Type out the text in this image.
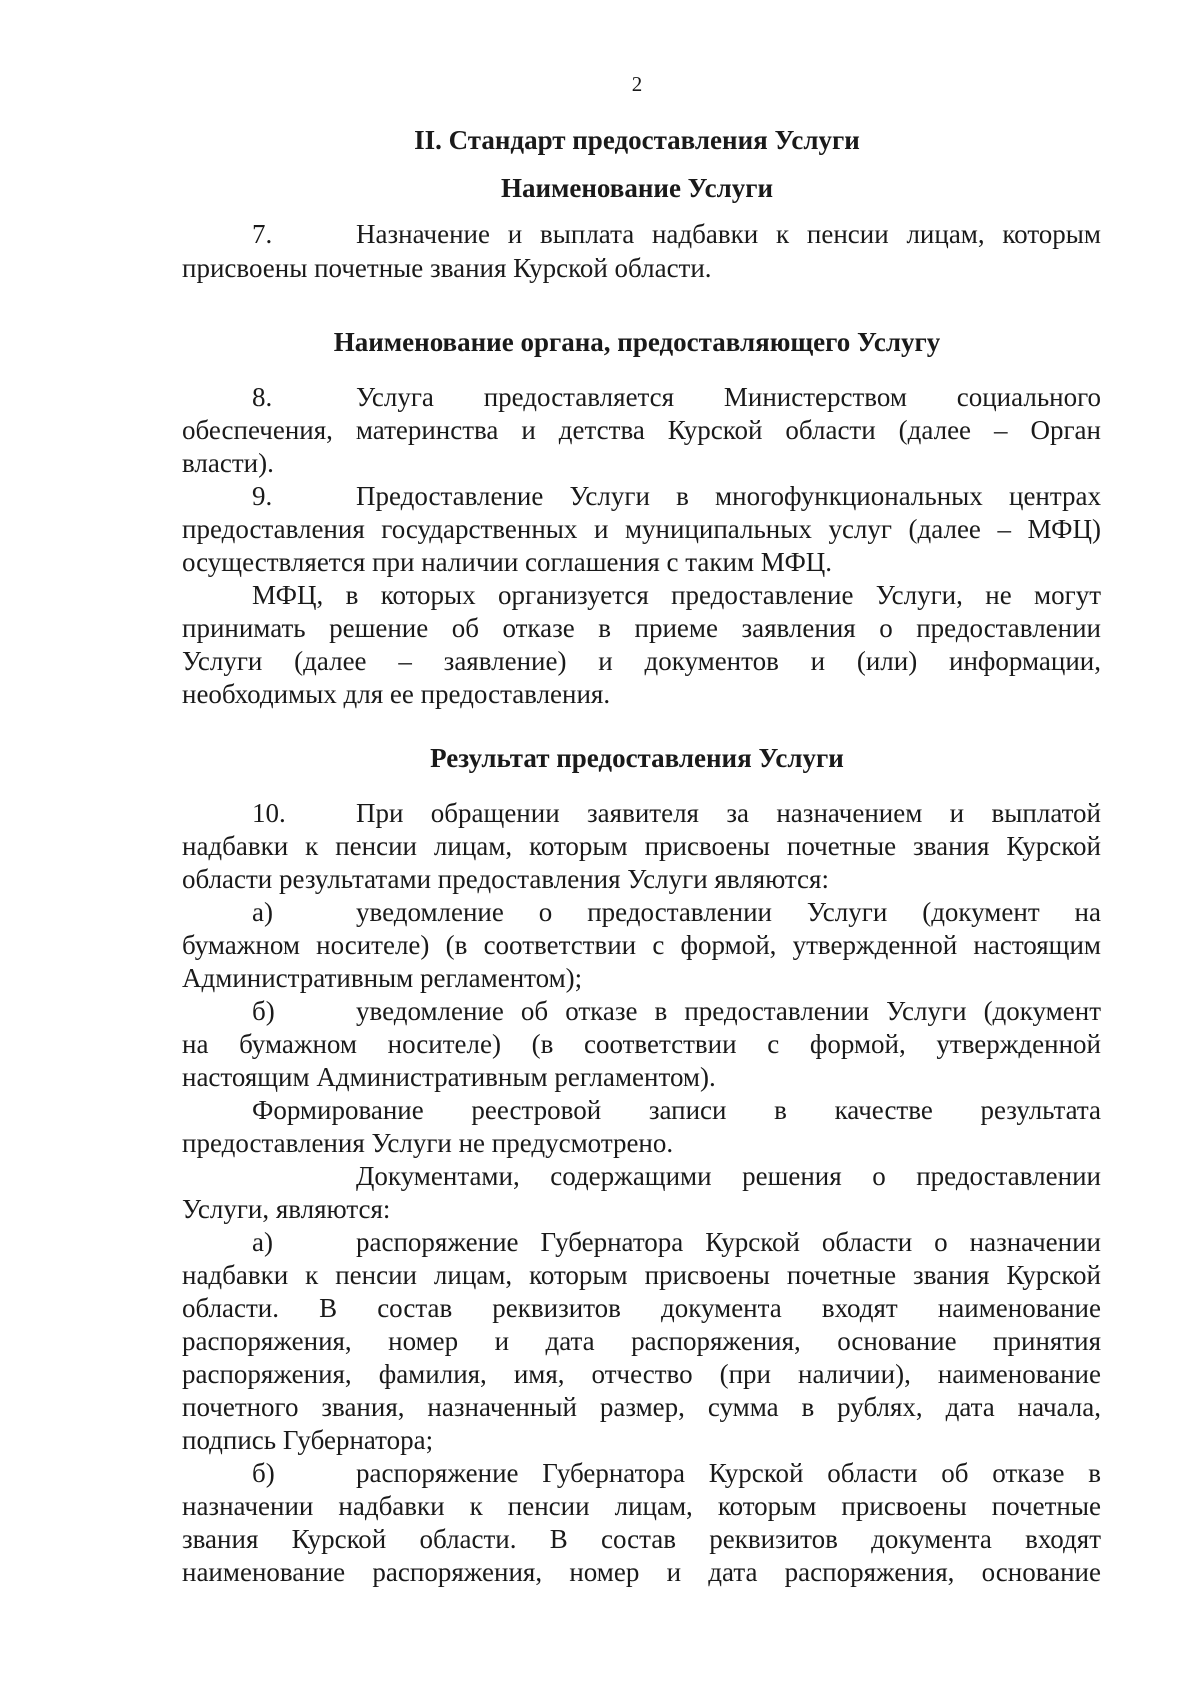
2
II. Стандарт предоставления Услуги
Наименование Услуги
7.	Назначение и выплата надбавки к пенсии лицам, которым
присвоены почетные звания Курской области.
Наименование органа, предоставляющего Услугу
8.	Услуга предоставляется Министерством социального
обеспечения, материнства и детства Курской области (далее – Орган
власти).
9.	Предоставление Услуги в многофункциональных центрах
предоставления государственных и муниципальных услуг (далее – МФЦ)
осуществляется при наличии соглашения с таким МФЦ.
МФЦ, в которых организуется предоставление Услуги, не могут
принимать решение об отказе в приеме заявления о предоставлении
Услуги (далее – заявление) и документов и (или) информации,
необходимых для ее предоставления.
Результат предоставления Услуги
10.	При обращении заявителя за назначением и выплатой
надбавки к пенсии лицам, которым присвоены почетные звания Курской
области результатами предоставления Услуги являются:
а)	уведомление о предоставлении Услуги (документ на
бумажном носителе) (в соответствии с формой, утвержденной настоящим
Административным регламентом);
б)	уведомление об отказе в предоставлении Услуги (документ
на бумажном носителе) (в соответствии с формой, утвержденной
настоящим Административным регламентом).
Формирование реестровой записи в качестве результата
предоставления Услуги не предусмотрено.
Документами, содержащими решения о предоставлении
Услуги, являются:
а)	распоряжение Губернатора Курской области о назначении
надбавки к пенсии лицам, которым присвоены почетные звания Курской
области. В состав реквизитов документа входят наименование
распоряжения, номер и дата распоряжения, основание принятия
распоряжения, фамилия, имя, отчество (при наличии), наименование
почетного звания, назначенный размер, сумма в рублях, дата начала,
подпись Губернатора;
б)	распоряжение Губернатора Курской области об отказе в
назначении надбавки к пенсии лицам, которым присвоены почетные
звания Курской области. В состав реквизитов документа входят
наименование распоряжения, номер и дата распоряжения, основание
